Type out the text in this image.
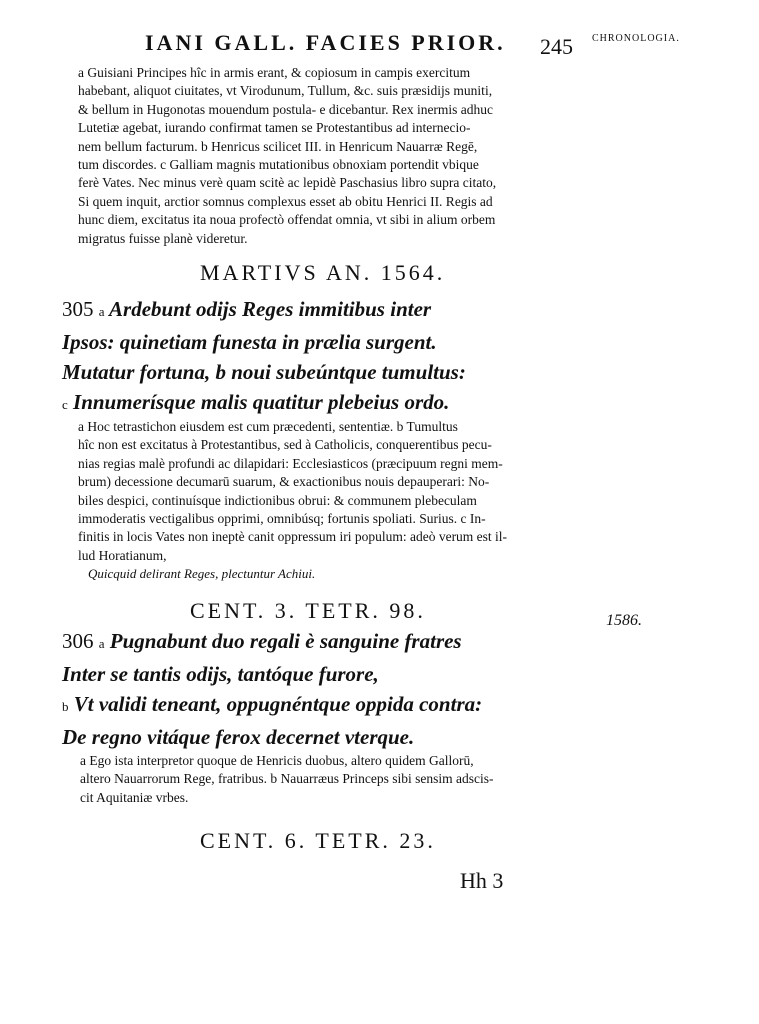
IANI GALL. FACIES PRIOR. 245 CHRONOLOGIA.
a Guisiani Principes hîc in armis erant, & copiosum in campis exercitum
habebant, aliquot ciuitates, vt Virodunum, Tullum, &c. suis præsidijs muniti,
& bellum in Hugonotas mouendum postula- e dicebantur. Rex inermis adhuc
Lutetiæ agebat, iurando confirmat tamen se Protestantibus ad internecio-
nem bellum facturum. b Henricus scilicet III. in Henricum Nauarræ Regē,
tum discordes. c Galliam magnis mutationibus obnoxiam portendit vbique
ferè Vates. Nec minus verè quam scitè ac lepidè Paschasius libro supra citato,
Si quem inquit, arctior somnus complexus esset ab obitu Henrici II. Regis ad
hunc diem, excitatus ita noua profectò offendat omnia, vt sibi in alium orbem
migratus fuisse planè videretur.
MARTIVS AN. 1564.
305 a Ardebunt odijs Reges immitibus inter
Ipsos: quinetiam funesta in prælia surgent.
Mutatur fortuna, b noui subeúntque tumultus:
c Innumerísque malis quatitur plebeius ordo.
a Hoc tetrastichon eiusdem est cum præcedenti, sententiæ. b Tumultus
hîc non est excitatus à Protestantibus, sed à Catholicis, conquerentibus pecu-
nias regias malè profundi ac dilapidari: Ecclesiasticos (præcipuum regni mem-
brum) decessione decumarū suarum, & exactionibus nouis depauperari: No-
biles despici, continuísque indictionibus obrui: & communem plebeculam
immoderatis vectigalibus opprimi, omnibúsq; fortunis spoliati. Surius. c In-
finitis in locis Vates non ineptè canit oppressum iri populum: adeò verum est il-
lud Horatianum,
Quicquid delirant Reges, plectuntur Achiui.
CENT. 3. TETR. 98.	1586.
306 a Pugnabunt duo regali è sanguine fratres
Inter se tantis odijs, tantóque furore,
b Vt validi teneant, oppugnéntque oppida contra:
De regno vitáque ferox decernet vterque.
a Ego ista interpretor quoque de Henricis duobus, altero quidem Gallorū,
altero Nauarrorum Rege, fratribus. b Nauarræus Princeps sibi sensim adscis-
cit Aquitaniæ vrbes.
CENT. 6. TETR. 23.
Hh 3
